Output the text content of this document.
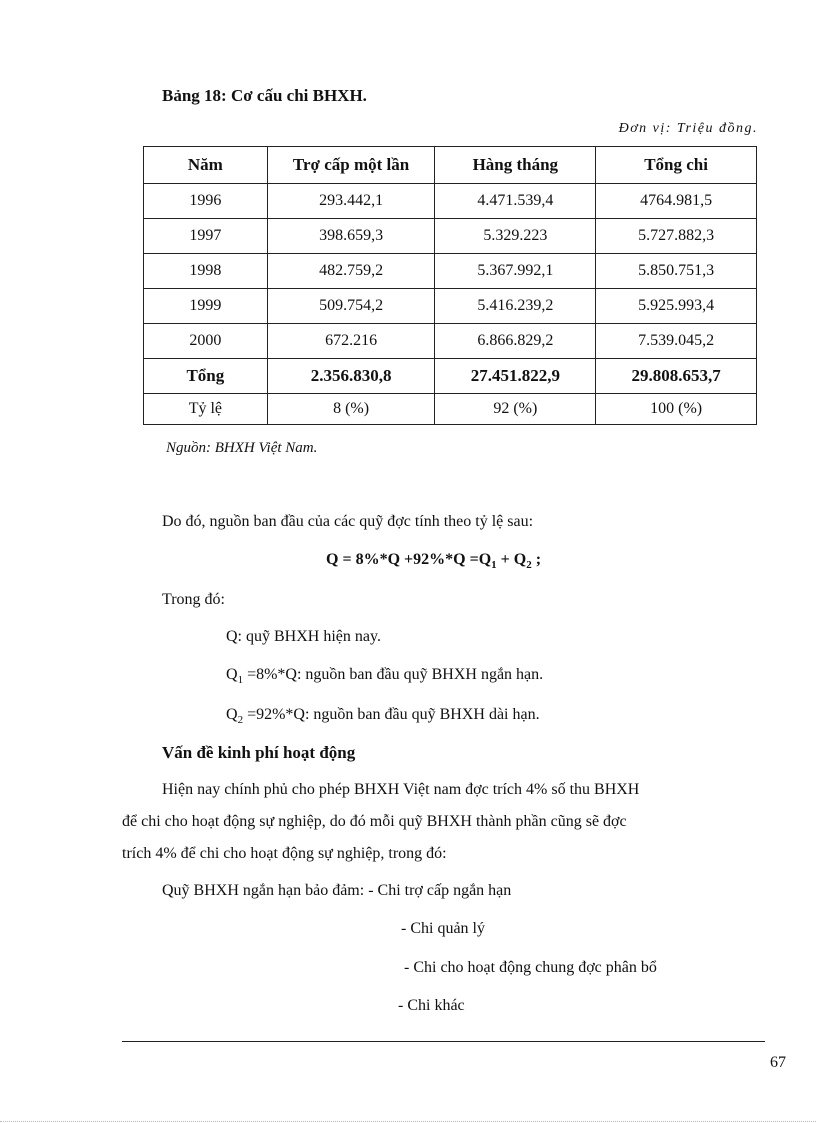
Bảng 18: Cơ cấu chi BHXH.
Đơn vị: Triệu đồng.
Năm	Trợ cấp một lần	Hàng tháng	Tổng chi
1996	293.442,1	4.471.539,4	4764.981,5
1997	398.659,3	5.329.223	5.727.882,3
1998	482.759,2	5.367.992,1	5.850.751,3
1999	509.754,2	5.416.239,2	5.925.993,4
2000	672.216	6.866.829,2	7.539.045,2
Tổng	2.356.830,8	27.451.822,9	29.808.653,7
Tỷ lệ	8 (%)	92 (%)	100 (%)
Nguồn: BHXH Việt Nam.
Do đó, nguồn ban đầu của các quỹ đợc tính theo tỷ lệ sau:
$Q = 8\%*Q +92\%*Q =Q_1 + Q_2$ ;
Trong đó:
Q: quỹ BHXH hiện nay.
$Q_1 =8\%*Q$: nguồn ban đầu quỹ BHXH ngắn hạn.
$Q_2 =92\%*Q$: nguồn ban đầu quỹ BHXH dài hạn.
Vấn đề kinh phí hoạt động
Hiện nay chính phủ cho phép BHXH Việt nam đợc trích 4% số thu BHXH
để chi cho hoạt động sự nghiệp, do đó mỗi quỹ BHXH thành phần cũng sẽ đợc
trích 4% để chi cho hoạt động sự nghiệp, trong đó:
Quỹ BHXH ngắn hạn bảo đảm: - Chi trợ cấp ngắn hạn
- Chi quản lý
- Chi cho hoạt động chung đợc phân bổ
- Chi khác
67
